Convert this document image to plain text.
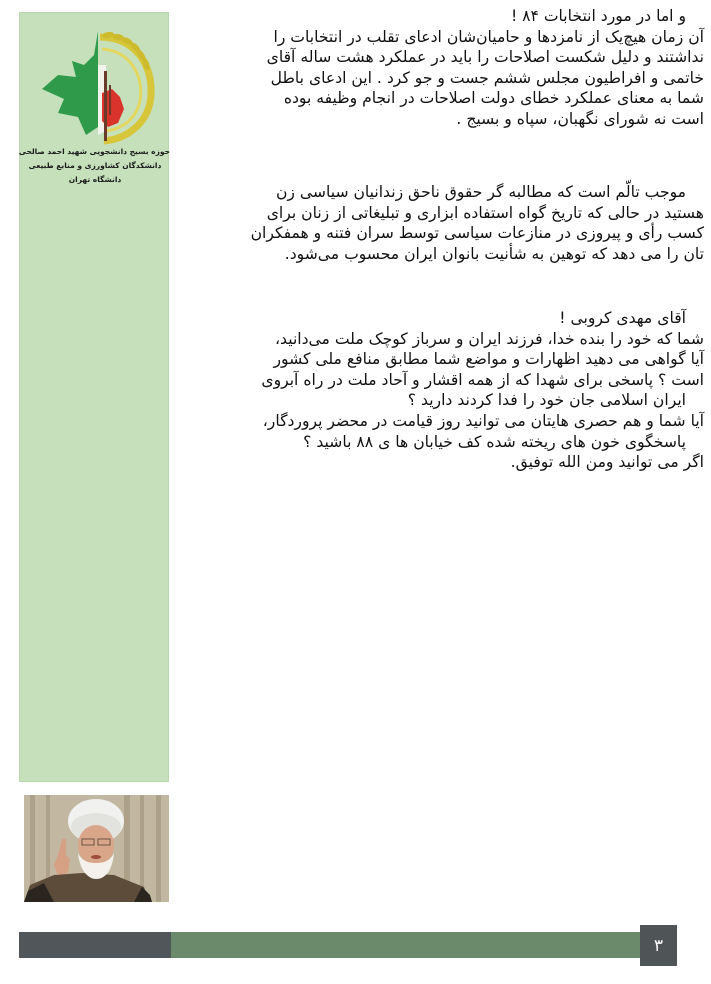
حوزه بسیج دانشجویی شهید احمد صالحی
دانشکدگان کشاورزی و منابع طبیعی
دانشگاه تهران
و اما در مورد انتخابات ۸۴ !
آن زمان هیچ‌یک از نامزدها و حامیان‌شان ادعای تقلب در انتخابات را
نداشتند و دلیل شکست اصلاحات را باید در عملکرد هشت ساله آقای
خاتمی و افراطیون مجلس ششم جست و جو کرد . این ادعای باطل
شما به معنای عملکرد خطای دولت اصلاحات در انجام وظیفه بوده
است نه شورای نگهبان، سپاه و بسیج .
موجب تالّم است که مطالبه گر حقوق ناحق زندانیان سیاسی زن
هستید در حالی که تاریخ گواه استفاده ابزاری و تبلیغاتی از زنان برای
کسب رأی و پیروزی در منازعات سیاسی توسط سران فتنه و همفکران
تان را می دهد که توهین به شأنیت بانوان ایران محسوب می‌شود.
آقای مهدی کروبی !
شما که خود را بنده خدا، فرزند ایران و سرباز کوچک ملت می‌دانید،
آیا گواهی می دهید اظهارات و مواضع شما مطابق منافع ملی کشور
است ؟ پاسخی برای شهدا که از همه اقشار و آحاد ملت در راه آبروی
ایران اسلامی جان خود را فدا کردند دارید ؟
آیا شما و هم حصری هایتان می توانید روز قیامت در محضر پروردگار،
پاسخگوی خون های ریخته شده کف خیابان ها ی ۸۸ باشید ؟
اگر می توانید ومن الله توفیق.
۳
